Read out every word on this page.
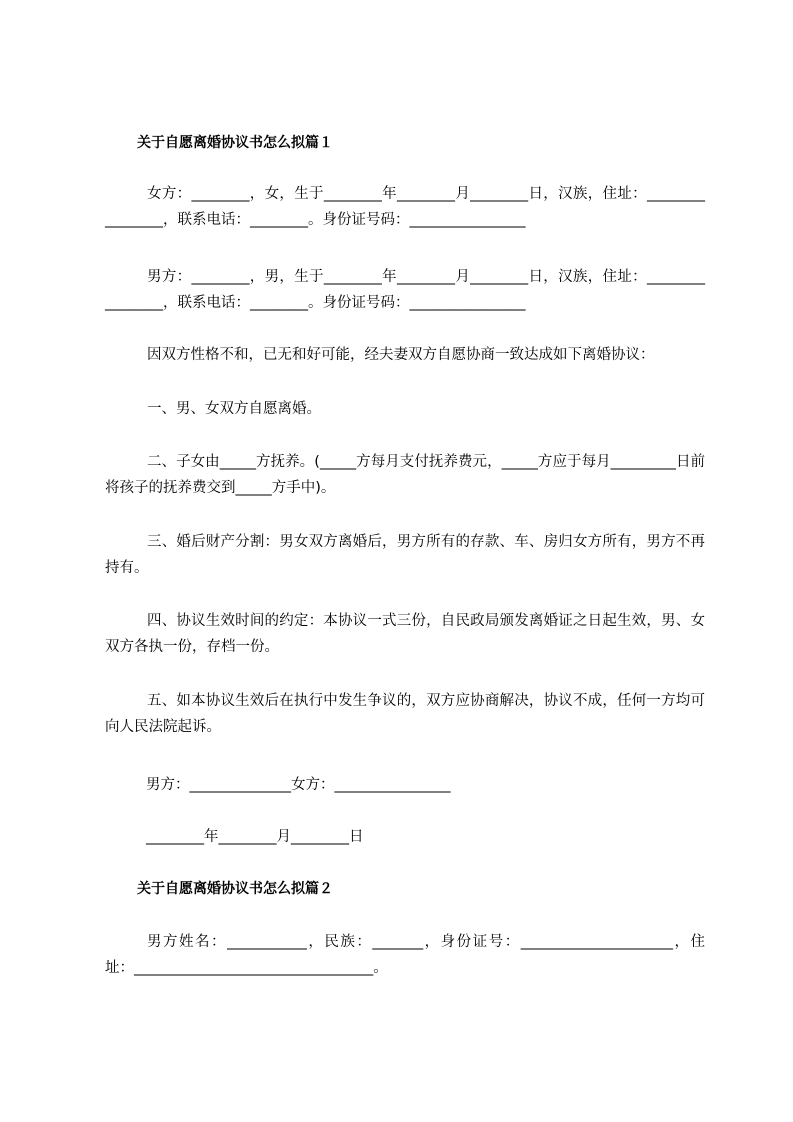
关于自愿离婚协议书怎么拟篇１
女方：________，女，生于________年________月________日，汉族，住址：________________，联系电话：________。身份证号码：________________
男方：________，男，生于________年________月________日，汉族，住址：________________，联系电话：________。身份证号码：________________
因双方性格不和，已无和好可能，经夫妻双方自愿协商一致达成如下离婚协议：
一、男、女双方自愿离婚。
二、子女由_____方抚养。(_____方每月支付抚养费元，_____方应于每月_________日前将孩子的抚养费交到_____方手中)。
三、婚后财产分割：男女双方离婚后，男方所有的存款、车、房归女方所有，男方不再持有。
四、协议生效时间的约定：本协议一式三份，自民政局颁发离婚证之日起生效，男、女双方各执一份，存档一份。
五、如本协议生效后在执行中发生争议的，双方应协商解决，协议不成，任何一方均可向人民法院起诉。
男方：______________女方：________________
________年________月________日
关于自愿离婚协议书怎么拟篇２
男方姓名：___________，民族：_______，身份证号：_____________________，住址：_________________________________。
